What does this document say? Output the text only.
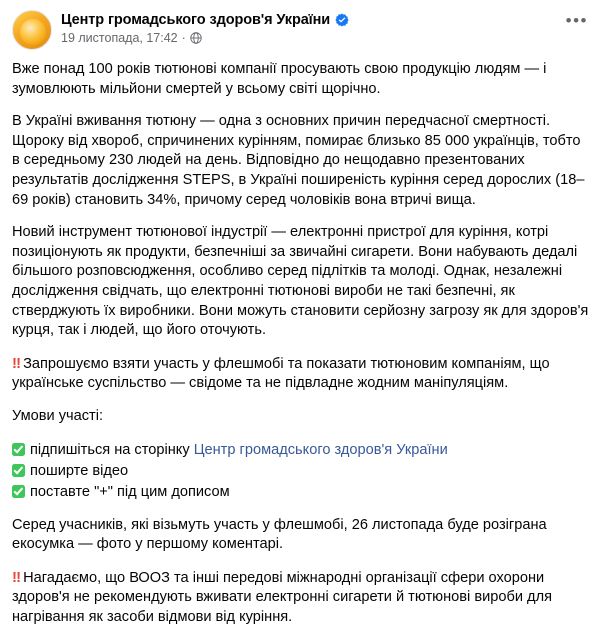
Центр громадського здоров'я України
19 листопада, 17:42 ·
•••

Вже понад 100 років тютюнові компанії просувають свою продукцію людям — і зумовлюють мільйони смертей у всьому світі щорічно.

В Україні вживання тютюну — одна з основних причин передчасної смертності. Щороку від хвороб, спричинених курінням, помирає близько 85 000 українців, тобто в середньому 230 людей на день. Відповідно до нещодавно презентованих результатів дослідження STEPS, в Україні поширеність куріння серед дорослих (18–69 років) становить 34%, причому серед чоловіків вона втричі вища.

Новий інструмент тютюнової індустрії — електронні пристрої для куріння, котрі позиціонують як продукти, безпечніші за звичайні сигарети. Вони набувають дедалі більшого розповсюдження, особливо серед підлітків та молоді. Однак, незалежні дослідження свідчать, що електронні тютюнові вироби не такі безпечні, як стверджують їх виробники. Вони можуть становити серйозну загрозу як для здоров'я курця, так і людей, що його оточують.

‼ Запрошуємо взяти участь у флешмобі та показати тютюновим компаніям, що українське суспільство — свідоме та не підвладне жодним маніпуляціям.

Умови участі:

підпишіться на сторінку Центр громадського здоров'я України

поширте відео

поставте "+" під цим дописом

Серед учасників, які візьмуть участь у флешмобі, 26 листопада буде розіграна екосумка — фото у першому коментарі.

‼ Нагадаємо, що ВООЗ та інші передові міжнародні організації сфери охорони здоров'я не рекомендують вживати електронні сигарети й тютюнові вироби для нагрівання як засоби відмови від куріння.
